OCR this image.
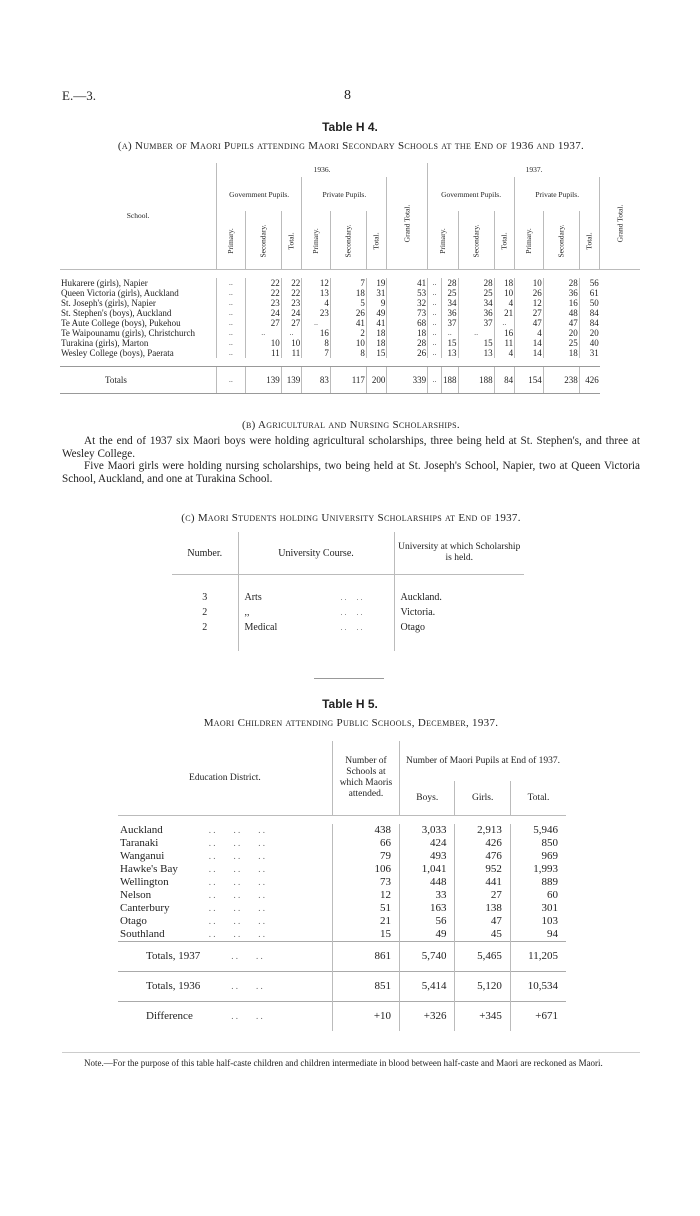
E.—3.	8
Table H 4.
(a) Number of Maori Pupils attending Maori Secondary Schools at the End of 1936 and 1937.
School.	1936.							1937.							
	Government Pupils.			Private Pupils.			Grand Total.	Government Pupils.				Private Pupils.			Grand Total.
	Primary.	Secondary.	Total.	Primary.	Secondary.	Total.		Primary.		Secondary.	Total.	Primary.	Secondary.	Total.	

Hukarere (girls), Napier	..	22	22	12	7	19	41	..	28	28	18	10	28	56	
Queen Victoria (girls), Auckland	..	22	22	13	18	31	53	..	25	25	10	26	36	61	
St. Joseph's (girls), Napier	..	23	23	4	5	9	32	..	34	34	4	12	16	50	
St. Stephen's (boys), Auckland	..	24	24	23	26	49	73	..	36	36	21	27	48	84	
Te Aute College (boys), Pukehou	..	27	27	..	41	41	68	..	37	37	..	47	47	84	
Te Waipounamu (girls), Christchurch	..	..	..	16	2	18	18	..	..	..	16	4	20	20	
Turakina (girls), Marton	..	10	10	8	10	18	28	..	15	15	11	14	25	40	
Wesley College (boys), Paerata	..	11	11	7	8	15	26	..	13	13	4	14	18	31	

Totals	..	139	139	83	117	200	339	..	188	188	84	154	238	426	
(b) Agricultural and Nursing Scholarships.

At the end of 1937 six Maori boys were holding agricultural scholarships, three being held at St. Stephen's, and three at Wesley College.

Five Maori girls were holding nursing scholarships, two being held at St. Joseph's School, Napier, two at Queen Victoria School, Auckland, and one at Turakina School.

(c) Maori Students holding University Scholarships at End of 1937.
Number.	University Course.	University at which Scholarship is held.

3	Arts . .     . .	Auckland.
2	,, . .     . .	Victoria.
2	Medical . .     . .	Otago

Table H 5.
Maori Children attending Public Schools, December, 1937.
Education District.		Number of Schools at which Maoris attended.	Number of Maori Pupils at End of 1937.		
			Boys.	Girls.	Total.

Auckland	. .        . .        . .	438	3,033	2,913	5,946
Taranaki	. .        . .        . .	66	424	426	850
Wanganui	. .        . .        . .	79	493	476	969
Hawke's Bay	. .        . .        . .	106	1,041	952	1,993
Wellington	. .        . .        . .	73	448	441	889
Nelson	. .        . .        . .	12	33	27	60
Canterbury	. .        . .        . .	51	163	138	301
Otago	. .        . .        . .	21	56	47	103
Southland	. .        . .        . .	15	49	45	94
Totals, 1937	. .        . .	861	5,740	5,465	11,205
Totals, 1936	. .        . .	851	5,414	5,120	10,534
Difference	. .        . .	+10	+326	+345	+671

Note.—For the purpose of this table half-caste children and children intermediate in blood between half-caste and Maori are reckoned as Maori.
